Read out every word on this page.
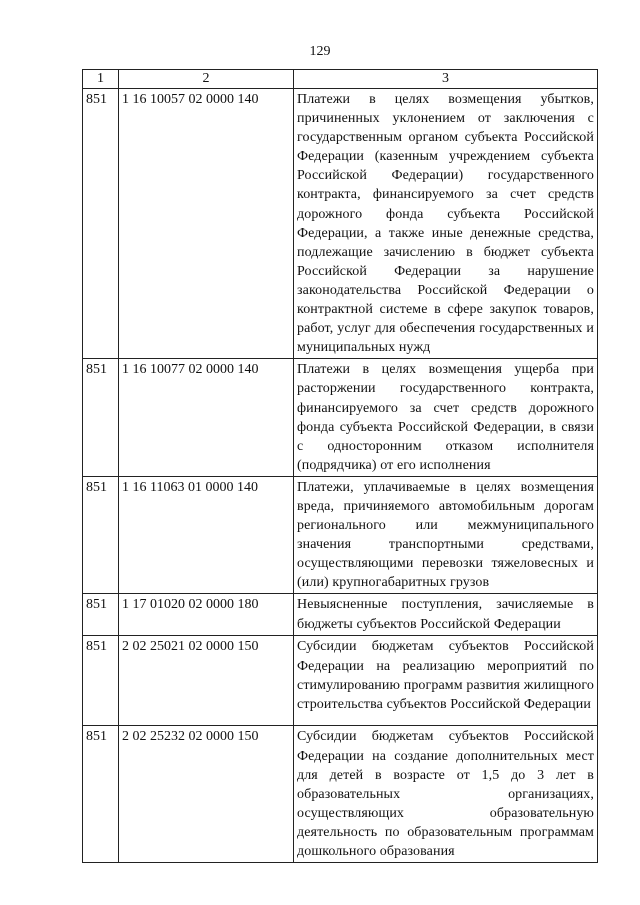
129
1	2	3
851	1 16 10057 02 0000 140	Платежи в целях возмещения убытков, причиненных уклонением от заключения с государственным органом субъекта Российской Федерации (казенным учреждением субъекта Российской Федерации) государственного контракта, финансируемого за счет средств дорожного фонда субъекта Российской Федерации, а также иные денежные средства, подлежащие зачислению в бюджет субъекта Российской Федерации за нарушение законодательства Российской Федерации о контрактной системе в сфере закупок товаров, работ, услуг для обеспечения государственных и муниципальных нужд
851	1 16 10077 02 0000 140	Платежи в целях возмещения ущерба при расторжении государственного контракта, финансируемого за счет средств дорожного фонда субъекта Российской Федерации, в связи с односторонним отказом исполнителя (подрядчика) от его исполнения
851	1 16 11063 01 0000 140	Платежи, уплачиваемые в целях возмещения вреда, причиняемого автомобильным дорогам регионального или межмуниципального значения транспортными средствами, осуществляющими перевозки тяжеловесных и (или) крупногабаритных грузов
851	1 17 01020 02 0000 180	Невыясненные поступления, зачисляемые в бюджеты субъектов Российской Федерации
851	2 02 25021 02 0000 150	Субсидии бюджетам субъектов Российской Федерации на реализацию мероприятий по стимулированию программ развития жилищного строительства субъектов Российской Федерации
851	2 02 25232 02 0000 150	Субсидии бюджетам субъектов Российской Федерации на создание дополнительных мест для детей в возрасте от 1,5 до 3 лет в образовательных организациях, осуществляющих образовательную деятельность по образовательным программам дошкольного образования
